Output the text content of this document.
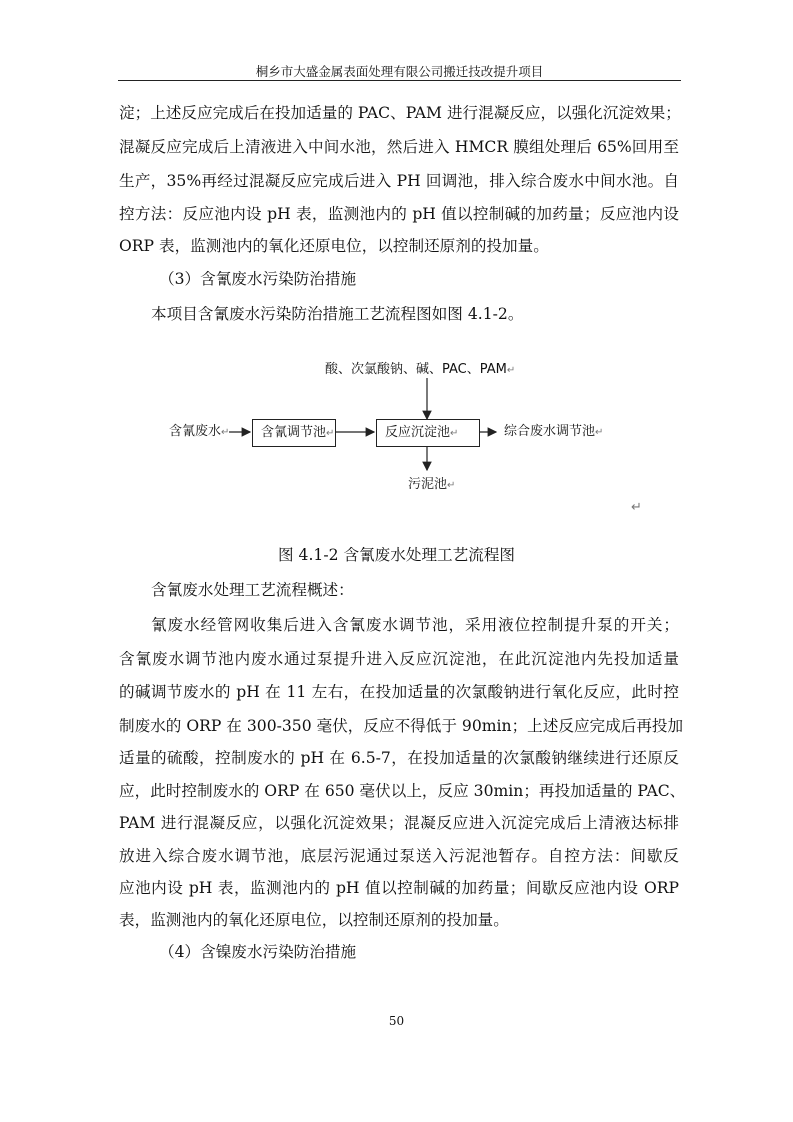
桐乡市大盛金属表面处理有限公司搬迁技改提升项目
淀；上述反应完成后在投加适量的 PAC、PAM 进行混凝反应，以强化沉淀效果；
混凝反应完成后上清液进入中间水池，然后进入 HMCR 膜组处理后 65%回用至
生产，35%再经过混凝反应完成后进入 PH 回调池，排入综合废水中间水池。自
控方法：反应池内设 pH 表，监测池内的 pH 值以控制碱的加药量；反应池内设
ORP 表，监测池内的氧化还原电位，以控制还原剂的投加量。
（3）含氰废水污染防治措施
本项目含氰废水污染防治措施工艺流程图如图 4.1-2。
酸、次氯酸钠、碱、PAC、PAM↵
含氰废水↵ 含氰调节池↵	反应沉淀池↵	综合废水调节池↵
污泥池↵
↵
图 4.1-2 含氰废水处理工艺流程图
含氰废水处理工艺流程概述：
氰废水经管网收集后进入含氰废水调节池，采用液位控制提升泵的开关；
含氰废水调节池内废水通过泵提升进入反应沉淀池，在此沉淀池内先投加适量
的碱调节废水的 pH 在 11 左右，在投加适量的次氯酸钠进行氧化反应，此时控
制废水的 ORP 在 300-350 毫伏，反应不得低于 90min；上述反应完成后再投加
适量的硫酸，控制废水的 pH 在 6.5-7，在投加适量的次氯酸钠继续进行还原反
应，此时控制废水的 ORP 在 650 毫伏以上，反应 30min；再投加适量的 PAC、
PAM 进行混凝反应，以强化沉淀效果；混凝反应进入沉淀完成后上清液达标排
放进入综合废水调节池，底层污泥通过泵送入污泥池暂存。自控方法：间歇反
应池内设 pH 表，监测池内的 pH 值以控制碱的加药量；间歇反应池内设 ORP
表，监测池内的氧化还原电位，以控制还原剂的投加量。
（4）含镍废水污染防治措施
50
